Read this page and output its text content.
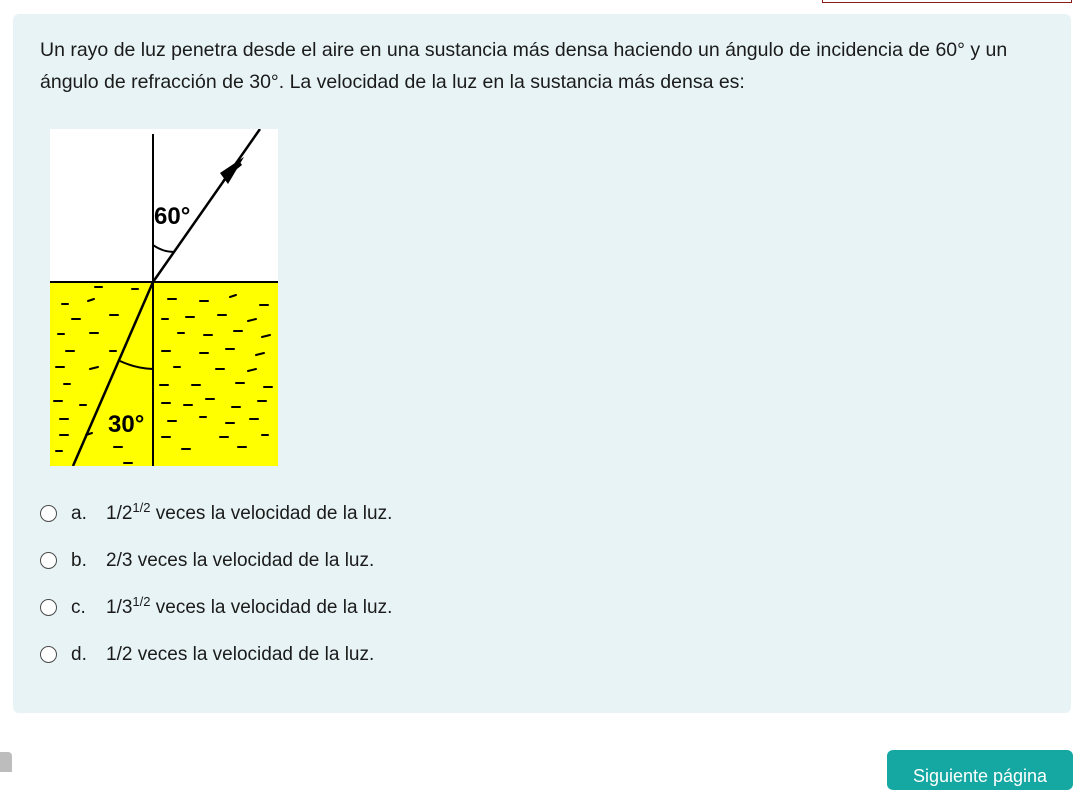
Un rayo de luz penetra desde el aire en una sustancia más densa haciendo un ángulo de incidencia de 60° y un ángulo de refracción de 30°. La velocidad de la luz en la sustancia más densa es:
60°
30°
a.	$1/2^{1/2}$ veces la velocidad de la luz.
b.	2/3 veces la velocidad de la luz.
c.	$1/3^{1/2}$ veces la velocidad de la luz.
d.	1/2 veces la velocidad de la luz.
Siguiente página
